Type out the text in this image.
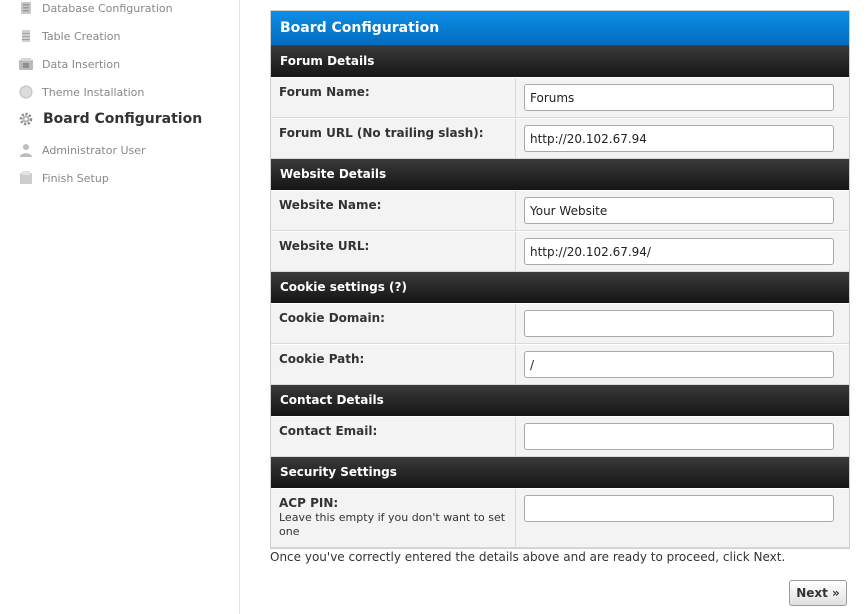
Database Configuration
Table Creation
Data Insertion
Theme Installation
Board Configuration
Administrator User
Finish Setup
Board Configuration
Forum Details
Forum Name:
Forums
Forum URL (No trailing slash):
http://20.102.67.94
Website Details
Website Name:
Your Website
Website URL:
http://20.102.67.94/
Cookie settings (?)
Cookie Domain:
Cookie Path:
/
Contact Details
Contact Email:
Security Settings
ACP PIN:
Leave this empty if you don't want to set one
Once you've correctly entered the details above and are ready to proceed, click Next.
Next »
